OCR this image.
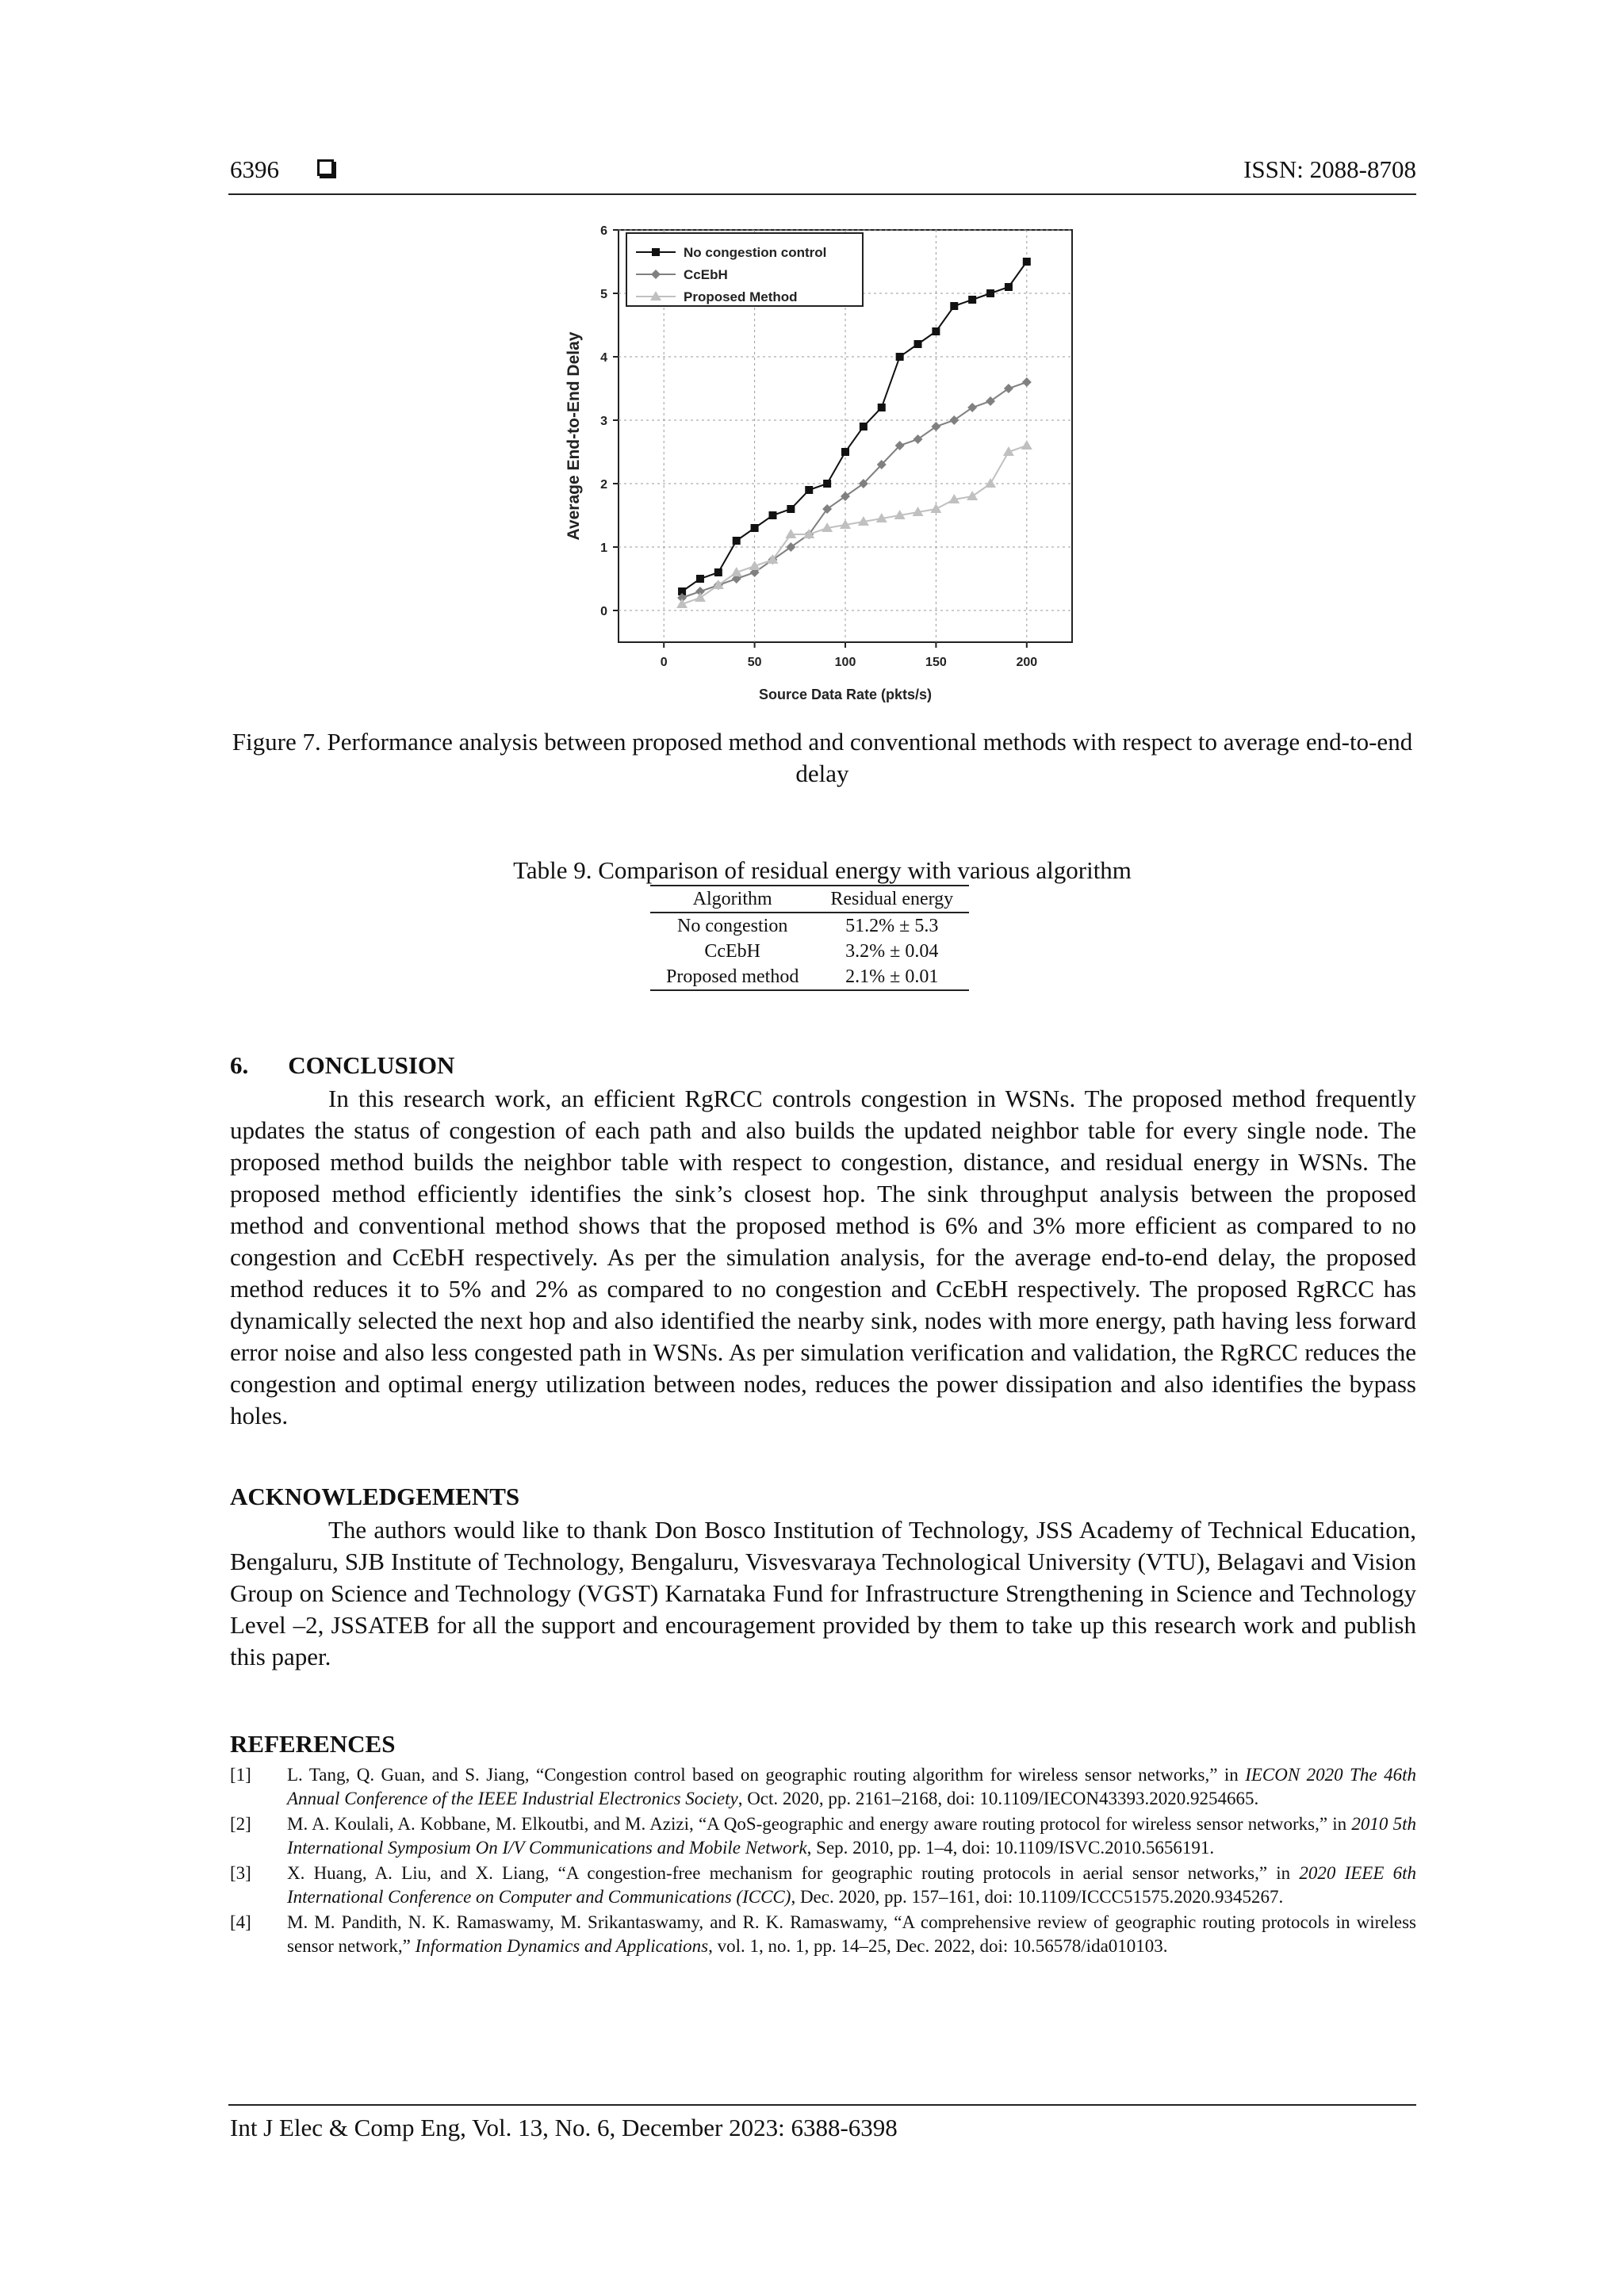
6396	ISSN: 2088-8708
0	50	100	150	200
0
1
2
3
4
5
6
Source Data Rate (pkts/s)
Average End-to-End Delay
No congestion control
CcEbH
Proposed Method
Figure 7. Performance analysis between proposed method and conventional methods with respect to average end-to-end delay
Table 9. Comparison of residual energy with various algorithm
Algorithm	Residual energy
No congestion	51.2% ± 5.3
CcEbH	3.2% ± 0.04
Proposed method	2.1% ± 0.01
6. CONCLUSION
In this research work, an efficient RgRCC controls congestion in WSNs. The proposed method frequently updates the status of congestion of each path and also builds the updated neighbor table for every single node. The proposed method builds the neighbor table with respect to congestion, distance, and residual energy in WSNs. The proposed method efficiently identifies the sink’s closest hop. The sink throughput analysis between the proposed method and conventional method shows that the proposed method is 6% and 3% more efficient as compared to no congestion and CcEbH respectively. As per the simulation analysis, for the average end-to-end delay, the proposed method reduces it to 5% and 2% as compared to no congestion and CcEbH respectively. The proposed RgRCC has dynamically selected the next hop and also identified the nearby sink, nodes with more energy, path having less forward error noise and also less congested path in WSNs. As per simulation verification and validation, the RgRCC reduces the congestion and optimal energy utilization between nodes, reduces the power dissipation and also identifies the bypass holes.
ACKNOWLEDGEMENTS
The authors would like to thank Don Bosco Institution of Technology, JSS Academy of Technical Education, Bengaluru, SJB Institute of Technology, Bengaluru, Visvesvaraya Technological University (VTU), Belagavi and Vision Group on Science and Technology (VGST) Karnataka Fund for Infrastructure Strengthening in Science and Technology Level –2, JSSATEB for all the support and encouragement provided by them to take up this research work and publish this paper.
REFERENCES
[1] L. Tang, Q. Guan, and S. Jiang, “Congestion control based on geographic routing algorithm for wireless sensor networks,” in IECON 2020 The 46th Annual Conference of the IEEE Industrial Electronics Society, Oct. 2020, pp. 2161–2168, doi: 10.1109/IECON43393.2020.9254665.
[2] M. A. Koulali, A. Kobbane, M. Elkoutbi, and M. Azizi, “A QoS-geographic and energy aware routing protocol for wireless sensor networks,” in 2010 5th International Symposium On I/V Communications and Mobile Network, Sep. 2010, pp. 1–4, doi: 10.1109/ISVC.2010.5656191.
[3] X. Huang, A. Liu, and X. Liang, “A congestion-free mechanism for geographic routing protocols in aerial sensor networks,” in 2020 IEEE 6th International Conference on Computer and Communications (ICCC), Dec. 2020, pp. 157–161, doi: 10.1109/ICCC51575.2020.9345267.
[4] M. M. Pandith, N. K. Ramaswamy, M. Srikantaswamy, and R. K. Ramaswamy, “A comprehensive review of geographic routing protocols in wireless sensor network,” Information Dynamics and Applications, vol. 1, no. 1, pp. 14–25, Dec. 2022, doi: 10.56578/ida010103.
Int J Elec & Comp Eng, Vol. 13, No. 6, December 2023: 6388-6398
